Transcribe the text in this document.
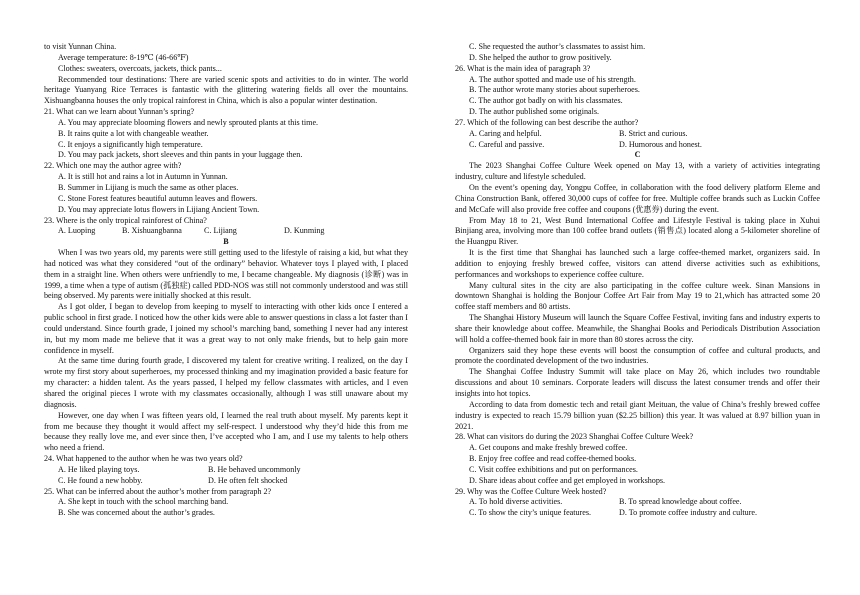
to visit Yunnan China.

Average temperature: 8-19℃ (46-66℉)

Clothes: sweaters, overcoats, jackets, thick pants...

Recommended tour destinations: There are varied scenic spots and activities to do in winter. The world heritage Yuanyang Rice Terraces is fantastic with the glittering watering fields all over the mountains. Xishuangbanna houses the only tropical rainforest in China, which is also a popular winter destination.

21. What can we learn about Yunnan’s spring?

A. You may appreciate blooming flowers and newly sprouted plants at this time.

B. It rains quite a lot with changeable weather.

C. It enjoys a significantly high temperature.

D. You may pack jackets, short sleeves and thin pants in your luggage then.

22. Which one may the author agree with?

A. It is still hot and rains a lot in Autumn in Yunnan.

B. Summer in Lijiang is much the same as other places.

C. Stone Forest features beautiful autumn leaves and flowers.

D. You may appreciate lotus flowers in Lijiang Ancient Town.

23. Where is the only tropical rainforest of China?

A. Luoping	B. Xishuangbanna	C. Lijiang	D. Kunming

B

When I was two years old, my parents were still getting used to the lifestyle of raising a kid, but what they had noticed was what they considered “out of the ordinary” behavior. Whatever toys I played with, I placed them in a straight line. When others were unfriendly to me, I became changeable. My diagnosis (诊断) was in 1999, a time when a type of autism (孤独症) called PDD-NOS was still not commonly understood and was still being observed. My parents were initially shocked at this result.

As I got older, I began to develop from keeping to myself to interacting with other kids once I entered a public school in first grade. I noticed how the other kids were able to answer questions in class a lot faster than I could understand. Since fourth grade, I joined my school’s marching band, something I never had any interest in, but my mom made me believe that it was a great way to not only make friends, but to help gain more confidence in myself.

At the same time during fourth grade, I discovered my talent for creative writing. I realized, on the day I wrote my first story about superheroes, my processed thinking and my imagination provided a basic feature for my character: a hidden talent. As the years passed, I helped my fellow classmates with articles, and I even shared the original pieces I wrote with my classmates occasionally, although I was still unaware about my diagnosis.

However, one day when I was fifteen years old, I learned the real truth about myself. My parents kept it from me because they thought it would affect my self-respect. I understood why they’d hide this from me because they really love me, and ever since then, I’ve accepted who I am, and I use my talents to help others who need a friend.

24. What happened to the author when he was two years old?

A. He liked playing toys.	B. He behaved uncommonly
C. He found a new hobby.	D. He often felt shocked

25. What can be inferred about the author’s mother from paragraph 2?

A. She kept in touch with the school marching band.

B. She was concerned about the author’s grades.

C. She requested the author’s classmates to assist him.

D. She helped the author to grow positively.

26. What is the main idea of paragraph 3?

A. The author spotted and made use of his strength.

B. The author wrote many stories about superheroes.

C. The author got badly on with his classmates.

D. The author published some originals.

27. Which of the following can best describe the author?

A. Caring and helpful.	B. Strict and curious.
C. Careful and passive.	D. Humorous and honest.

C

The 2023 Shanghai Coffee Culture Week opened on May 13, with a variety of activities integrating industry, culture and lifestyle scheduled.

On the event’s opening day, Yongpu Coffee, in collaboration with the food delivery platform Eleme and China Construction Bank, offered 30,000 cups of coffee for free. Multiple coffee brands such as Luckin Coffee and McCafe will also provide free coffee and coupons (优惠券) during the event.

From May 18 to 21, West Bund International Coffee and Lifestyle Festival is taking place in Xuhui Binjiang area, involving more than 100 coffee brand outlets (销售点) located along a 5-kilometer shoreline of the Huangpu River.

It is the first time that Shanghai has launched such a large coffee-themed market, organizers said. In addition to enjoying freshly brewed coffee, visitors can attend diverse activities such as exhibitions, performances and workshops to experience coffee culture.

Many cultural sites in the city are also participating in the coffee culture week. Sinan Mansions in downtown Shanghai is holding the Bonjour Coffee Art Fair from May 19 to 21,which has attracted some 20 coffee staff members and 80 artists.

The Shanghai History Museum will launch the Square Coffee Festival, inviting fans and industry experts to share their knowledge about coffee. Meanwhile, the Shanghai Books and Periodicals Distribution Association will hold a coffee-themed book fair in more than 80 stores across the city.

Organizers said they hope these events will boost the consumption of coffee and cultural products, and promote the coordinated development of the two industries.

The Shanghai Coffee Industry Summit will take place on May 26, which includes two roundtable discussions and about 10 seminars. Corporate leaders will discuss the latest consumer trends and offer their insights into hot topics.

According to data from domestic tech and retail giant Meituan, the value of China’s freshly brewed coffee industry is expected to reach 15.79 billion yuan ($2.25 billion) this year. It was valued at 8.97 billion yuan in 2021.

28. What can visitors do during the 2023 Shanghai Coffee Culture Week?

A. Get coupons and make freshly brewed coffee.

B. Enjoy free coffee and read coffee-themed books.

C. Visit coffee exhibitions and put on performances.

D. Share ideas about coffee and get employed in workshops.

29. Why was the Coffee Culture Week hosted?

A. To hold diverse activities.	B. To spread knowledge about coffee.
C. To show the city’s unique features.	D. To promote coffee industry and culture.
